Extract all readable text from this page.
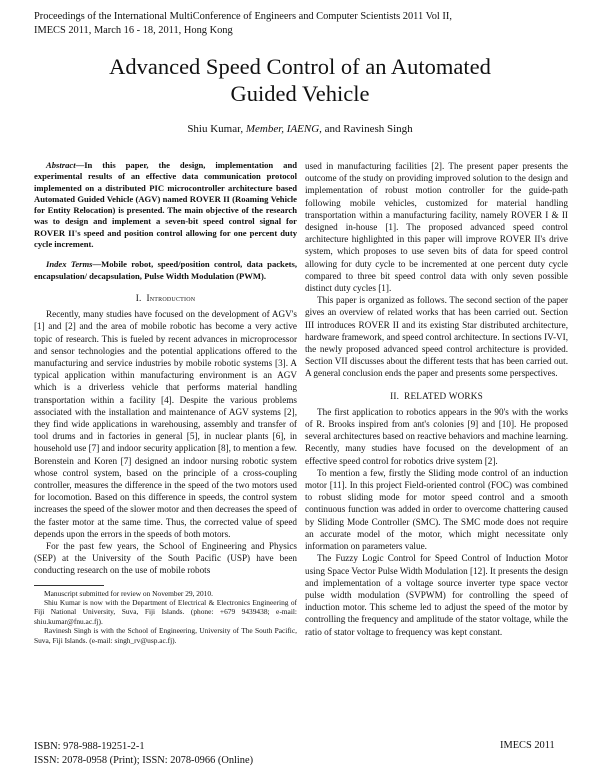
Proceedings of the International MultiConference of Engineers and Computer Scientists 2011 Vol II,
IMECS 2011, March 16 - 18, 2011, Hong Kong
Advanced Speed Control of an Automated
Guided Vehicle
Shiu Kumar, Member, IAENG, and Ravinesh Singh

Abstract—In this paper, the design, implementation and experimental results of an effective data communication protocol implemented on a distributed PIC microcontroller architecture based Automated Guided Vehicle (AGV) named ROVER II (Roaming Vehicle for Entity Relocation) is presented. The main objective of the research was to design and implement a seven-bit speed control signal for ROVER II's speed and position control allowing for one percent duty cycle increment.

Index Terms—Mobile robot, speed/position control, data packets, encapsulation/ decapsulation, Pulse Width Modulation (PWM).

I. Introduction

Recently, many studies have focused on the development of AGV's [1] and [2] and the area of mobile robotic has become a very active topic of research. This is fueled by recent advances in microprocessor and sensor technologies and the potential applications offered to the manufacturing and service industries by mobile robotic systems [3]. A typical application within manufacturing environment is an AGV which is a driverless vehicle that performs material handling transportation within a facility [4]. Despite the various problems associated with the installation and maintenance of AGV systems [2], they find wide applications in warehousing, assembly and transfer of tool drums and in factories in general [5], in nuclear plants [6], in household use [7] and indoor security application [8], to mention a few.

Borenstein and Koren [7] designed an indoor nursing robotic system whose control system, based on the principle of a cross-coupling controller, measures the difference in the speed of the two motors used for locomotion. Based on this difference in speeds, the control system increases the speed of the slower motor and then decreases the speed of the faster motor at the same time. Thus, the corrected value of speed depends upon the errors in the speeds of both motors.

For the past few years, the School of Engineering and Physics (SEP) at the University of the South Pacific (USP) have been conducting research on the use of mobile robots

Manuscript submitted for review on November 29, 2010.

Shiu Kumar is now with the Department of Electrical & Electronics Engineering of Fiji National University, Suva, Fiji Islands. (phone: +679 9439438; e-mail: shiu.kumar@fnu.ac.fj).

Ravinesh Singh is with the School of Engineering, University of The South Pacific, Suva, Fiji Islands. (e-mail: singh_rv@usp.ac.fj).

used in manufacturing facilities [2]. The present paper presents the outcome of the study on providing improved solution to the design and implementation of robust motion controller for the guide-path following mobile vehicles, customized for material handling transportation within a manufacturing facility, namely ROVER I & II designed in-house [1]. The proposed advanced speed control architecture highlighted in this paper will improve ROVER II's drive system, which proposes to use seven bits of data for speed control allowing for duty cycle to be incremented at one percent duty cycle compared to three bit speed control data with only seven possible distinct duty cycles [1].

This paper is organized as follows. The second section of the paper gives an overview of related works that has been carried out. Section III introduces ROVER II and its existing Star distributed architecture, hardware framework, and speed control architecture. In sections IV-VI, the newly proposed advanced speed control architecture is provided. Section VII discusses about the different tests that has been carried out. A general conclusion ends the paper and presents some perspectives.

II. RELATED WORKS

The first application to robotics appears in the 90's with the works of R. Brooks inspired from ant's colonies [9] and [10]. He proposed several architectures based on reactive behaviors and machine learning. Recently, many studies have focused on the development of an effective speed control for robotics drive system [2].

To mention a few, firstly the Sliding mode control of an induction motor [11]. In this project Field-oriented control (FOC) was combined to robust sliding mode for motor speed control and a smooth continuous function was added in order to overcome chattering caused by Sliding Mode Controller (SMC). The SMC mode does not require an accurate model of the motor, which might necessitate only information on parameters value.

The Fuzzy Logic Control for Speed Control of Induction Motor using Space Vector Pulse Width Modulation [12]. It presents the design and implementation of a voltage source inverter type space vector pulse width modulation (SVPWM) for controlling the speed of induction motor. This scheme led to adjust the speed of the motor by controlling the frequency and amplitude of the stator voltage, while the ratio of stator voltage to frequency was kept constant.

ISBN: 978-988-19251-2-1
ISSN: 2078-0958 (Print); ISSN: 2078-0966 (Online)
IMECS 2011
